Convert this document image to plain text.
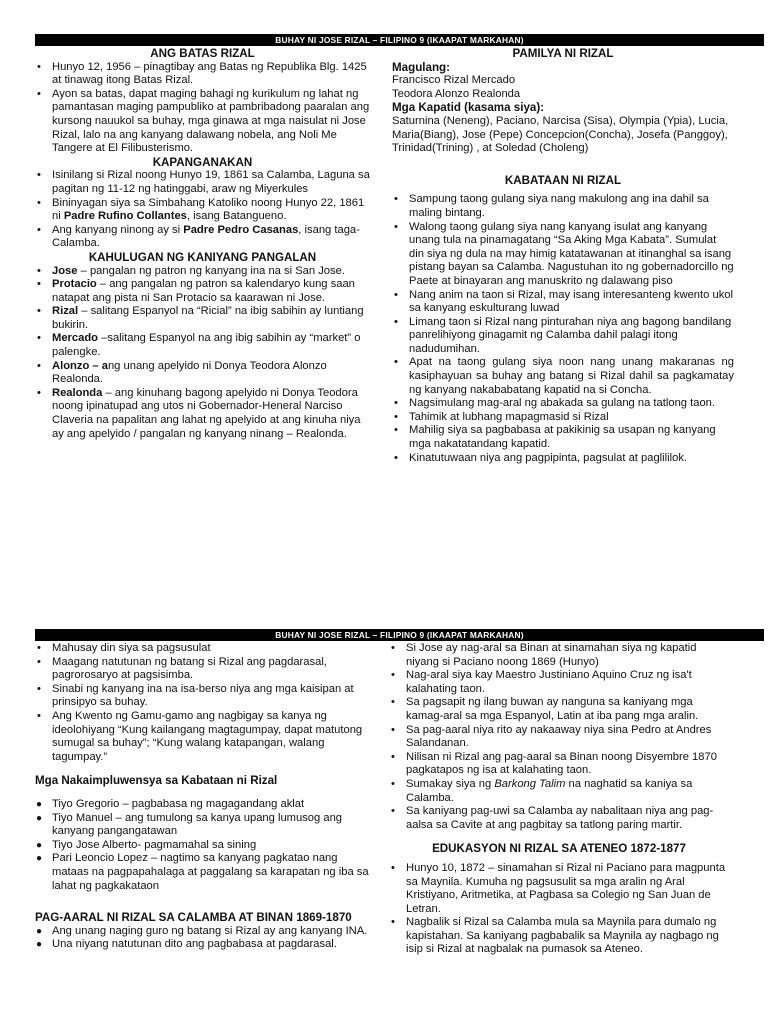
BUHAY NI JOSE RIZAL – FILIPINO 9 (IKAAPAT MARKAHAN)
ANG BATAS RIZAL
• Hunyo 12, 1956 – pinagtibay ang Batas ng Republika Blg. 1425 at tinawag itong Batas Rizal.
• Ayon sa batas, dapat maging bahagi ng kurikulum ng lahat ng pamantasan maging pampubliko at pambribadong paaralan ang kursong nauukol sa buhay, mga ginawa at mga naisulat ni Jose Rizal, lalo na ang kanyang dalawang nobela, ang Noli Me Tangere at El Filibusterismo.
KAPANGANAKAN
• Isinilang si Rizal noong Hunyo 19, 1861 sa Calamba, Laguna sa pagitan ng 11-12 ng hatinggabi, araw ng Miyerkules
• Bininyagan siya sa Simbahang Katoliko noong Hunyo 22, 1861 ni Padre Rufino Collantes, isang Batangueno.
• Ang kanyang ninong ay si Padre Pedro Casanas, isang taga-Calamba.
KAHULUGAN NG KANIYANG PANGALAN
• Jose – pangalan ng patron ng kanyang ina na si San Jose.
• Protacio – ang pangalan ng patron sa kalendaryo kung saan natapat ang pista ni San Protacio sa kaarawan ni Jose.
• Rizal – salitang Espanyol na “Ricial” na ibig sabihin ay luntiang bukirin.
• Mercado –salitang Espanyol na ang ibig sabihin ay “market” o palengke.
• Alonzo – ang unang apelyido ni Donya Teodora Alonzo Realonda.
• Realonda – ang kinuhang bagong apelyido ni Donya Teodora noong ipinatupad ang utos ni Gobernador-Heneral Narciso Claveria na papalitan ang lahat ng apelyido at ang kinuha niya ay ang apelyido / pangalan ng kanyang ninang – Realonda.
PAMILYA NI RIZAL

Magulang:

Francisco Rizal Mercado

Teodora Alonzo Realonda

Mga Kapatid (kasama siya):

Saturnina (Neneng), Paciano, Narcisa (Sisa), Olympia (Ypia), Lucia, Maria(Biang), Jose (Pepe) Concepcion(Concha), Josefa (Panggoy), Trinidad(Trining) , at Soledad (Choleng)

KABATAAN NI RIZAL
• Sampung taong gulang siya nang makulong ang ina dahil sa maling bintang.
• Walong taong gulang siya nang kanyang isulat ang kanyang unang tula na pinamagatang “Sa Aking Mga Kabata”. Sumulat din siya ng dula na may himig katatawanan at itinanghal sa isang pistang bayan sa Calamba. Nagustuhan ito ng gobernadorcillo ng Paete at binayaran ang manuskrito ng dalawang piso
• Nang anim na taon si Rizal, may isang interesanteng kwento ukol sa kanyang eskulturang luwad
• Limang taon si Rizal nang pinturahan niya ang bagong bandilang panrelihiyong ginagamit ng Calamba dahil palagi itong nadudumihan.
• Apat na taong gulang siya noon nang unang makaranas ng kasiphayuan sa buhay ang batang si Rizal dahil sa pagkamatay ng kanyang nakababatang kapatid na si Concha.
• Nagsimulang mag-aral ng abakada sa gulang na tatlong taon.
• Tahimik at lubhang mapagmasid si Rizal
• Mahilig siya sa pagbabasa at pakikinig sa usapan ng kanyang mga nakatatandang kapatid.
• Kinatutuwaan niya ang pagpipinta, pagsulat at paglililok.
BUHAY NI JOSE RIZAL – FILIPINO 9 (IKAAPAT MARKAHAN)
• Mahusay din siya sa pagsusulat
• Maagang natutunan ng batang si Rizal ang pagdarasal, pagrorosaryo at pagsisimba.
• Sinabi ng kanyang ina na isa-berso niya ang mga kaisipan at prinsipyo sa buhay.
• Ang Kwento ng Gamu-gamo ang nagbigay sa kanya ng ideolohiyang “Kung kailangang magtagumpay, dapat matutong sumugal sa buhay”; “Kung walang katapangan, walang tagumpay.”
Mga Nakaimpluwensya sa Kabataan ni Rizal
● Tiyo Gregorio – pagbabasa ng magagandang aklat
● Tiyo Manuel – ang tumulong sa kanya upang lumusog ang kanyang pangangatawan
● Tiyo Jose Alberto- pagmamahal sa sining
● Pari Leoncio Lopez – nagtimo sa kanyang pagkatao nang mataas na pagpapahalaga at paggalang sa karapatan ng iba sa lahat ng pagkakataon
PAG-AARAL NI RIZAL SA CALAMBA AT BINAN 1869-1870
● Ang unang naging guro ng batang si Rizal ay ang kanyang INA.
● Una niyang natutunan dito ang pagbabasa at pagdarasal.
• Si Jose ay nag-aral sa Binan at sinamahan siya ng kapatid niyang si Paciano noong 1869 (Hunyo)
• Nag-aral siya kay Maestro Justiniano Aquino Cruz ng isa't kalahating taon.
• Sa pagsapit ng ilang buwan ay nanguna sa kaniyang mga kamag-aral sa mga Espanyol, Latin at iba pang mga aralin.
• Sa pag-aaral niya rito ay nakaaway niya sina Pedro at Andres Salandanan.
• Nilisan ni Rizal ang pag-aaral sa Binan noong Disyembre 1870 pagkatapos ng isa at kalahating taon.
• Sumakay siya ng Barkong Talim na naghatid sa kaniya sa Calamba.
• Sa kaniyang pag-uwi sa Calamba ay nabalitaan niya ang pag-aalsa sa Cavite at ang pagbitay sa tatlong paring martir.
EDUKASYON NI RIZAL SA ATENEO 1872-1877
• Hunyo 10, 1872 – sinamahan si Rizal ni Paciano para magpunta sa Maynila. Kumuha ng pagsusulit sa mga aralin ng Aral Kristiyano, Aritmetika, at Pagbasa sa Colegio ng San Juan de Letran.
• Nagbalik si Rizal sa Calamba mula sa Maynila para dumalo ng kapistahan. Sa kaniyang pagbabalik sa Maynila ay nagbago ng isip si Rizal at nagbalak na pumasok sa Ateneo.
